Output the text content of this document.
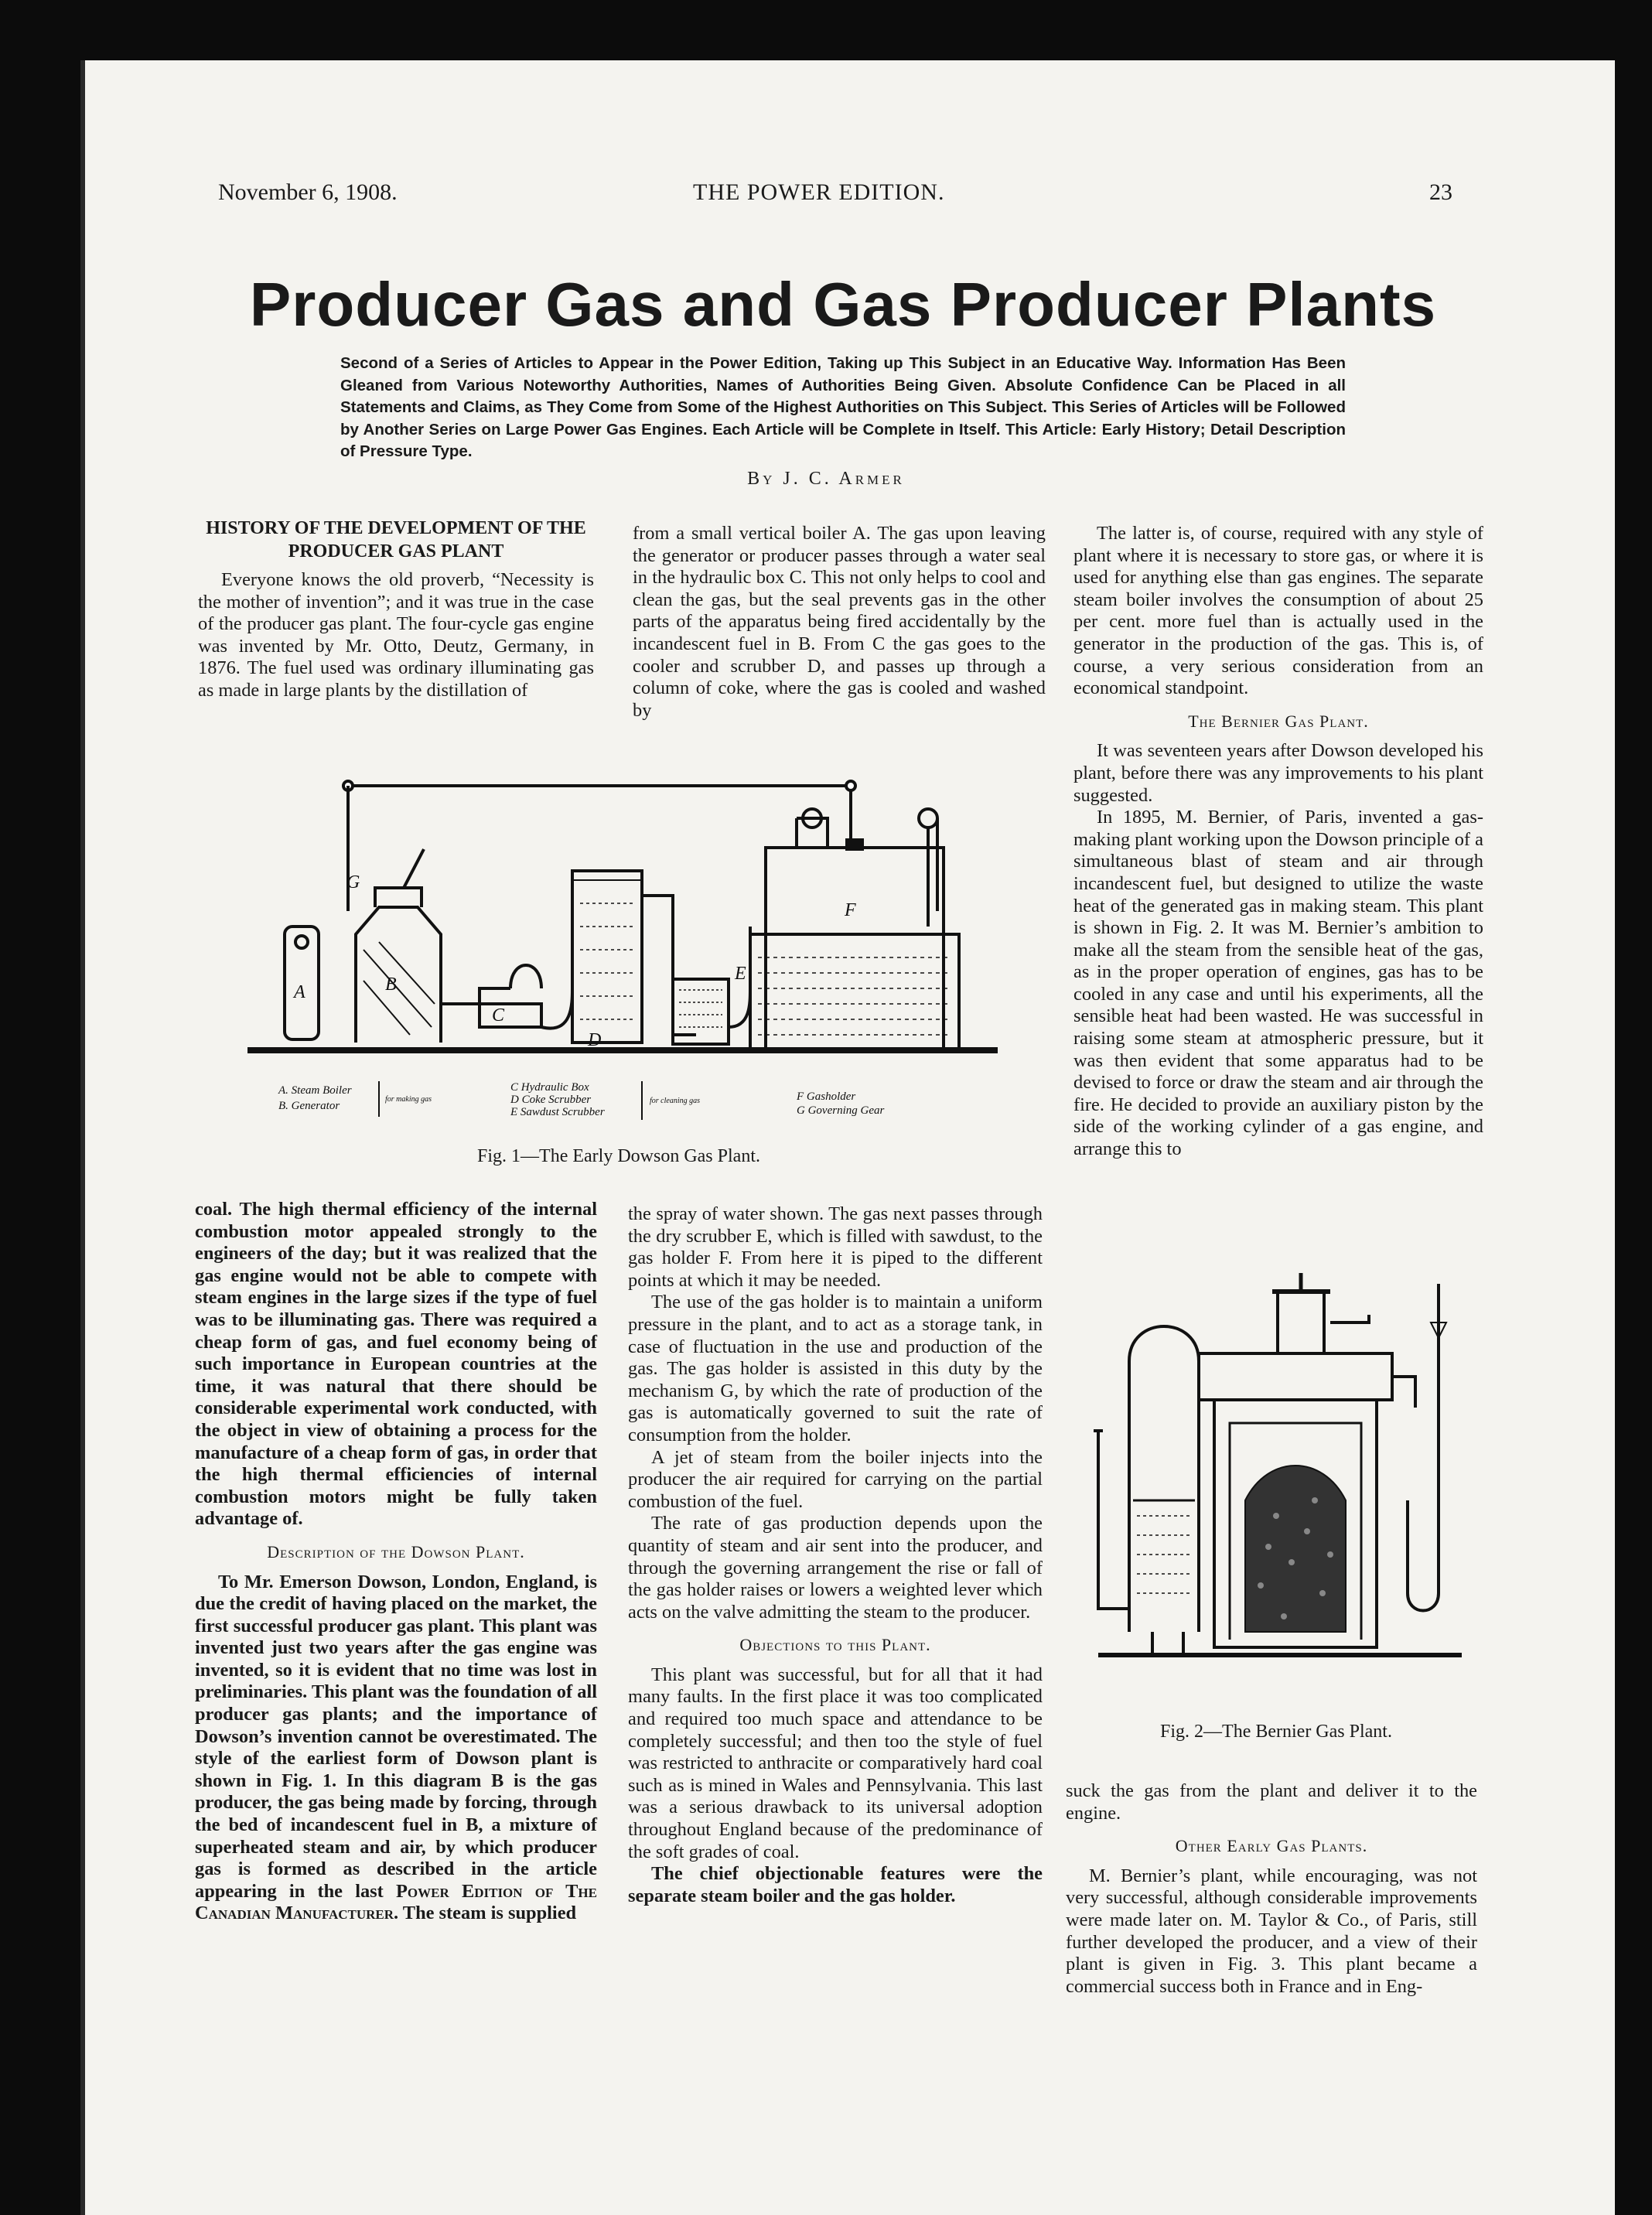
November 6, 1908.	THE POWER EDITION.	23
Producer Gas and Gas Producer Plants
Second of a Series of Articles to Appear in the Power Edition, Taking up This Subject in an Educative Way. Information Has Been Gleaned from Various Noteworthy Authorities, Names of Authorities Being Given. Absolute Confidence Can be Placed in all Statements and Claims, as They Come from Some of the Highest Authorities on This Subject. This Series of Articles will be Followed by Another Series on Large Power Gas Engines. Each Article will be Complete in Itself. This Article: Early History; Detail Description of Pressure Type.
By J. C. Armer
HISTORY OF THE DEVELOPMENT OF THE PRODUCER GAS PLANT

Everyone knows the old proverb, “Necessity is the mother of invention”; and it was true in the case of the producer gas plant. The four-cycle gas engine was invented by Mr. Otto, Deutz, Germany, in 1876. The fuel used was ordinary illuminating gas as made in large plants by the distillation of

from a small vertical boiler A. The gas upon leaving the generator or producer passes through a water seal in the hydraulic box C. This not only helps to cool and clean the gas, but the seal prevents gas in the other parts of the apparatus being fired accidentally by the incandescent fuel in B. From C the gas goes to the cooler and scrubber D, and passes up through a column of coke, where the gas is cooled and washed by

The latter is, of course, required with any style of plant where it is necessary to store gas, or where it is used for anything else than gas engines. The separate steam boiler involves the consumption of about 25 per cent. more fuel than is actually used in the generator in the production of the gas. This is, of course, a very serious consideration from an economical standpoint.

The Bernier Gas Plant.

It was seventeen years after Dowson developed his plant, before there was any improvements to his plant suggested.

In 1895, M. Bernier, of Paris, invented a gas-making plant working upon the Dowson principle of a simultaneous blast of steam and air through incandescent fuel, but designed to utilize the waste heat of the generated gas in making steam. This plant is shown in Fig. 2. It was M. Bernier’s ambition to make all the steam from the sensible heat of the gas, as in the proper operation of engines, gas has to be cooled in any case and until his experiments, all the sensible heat had been wasted. He was successful in raising some steam at atmospheric pressure, but it was then evident that some apparatus had to be devised to force or draw the steam and air through the fire. He decided to provide an auxiliary piston by the side of the working cylinder of a gas engine, and arrange this to

A	B
C
D
E
F
G
A. Steam Boiler
B. Generator
for making gas
C Hydraulic Box
D Coke Scrubber
E Sawdust Scrubber
for cleaning gas	F Gasholder
G Governing Gear
Fig. 1—The Early Dowson Gas Plant.

coal. The high thermal efficiency of the internal combustion motor appealed strongly to the engineers of the day; but it was realized that the gas engine would not be able to compete with steam engines in the large sizes if the type of fuel was to be illuminating gas. There was required a cheap form of gas, and fuel economy being of such importance in European countries at the time, it was natural that there should be considerable experimental work conducted, with the object in view of obtaining a process for the manufacture of a cheap form of gas, in order that the high thermal efficiencies of internal combustion motors might be fully taken advantage of.

Description of the Dowson Plant.

To Mr. Emerson Dowson, London, England, is due the credit of having placed on the market, the first successful producer gas plant. This plant was invented just two years after the gas engine was invented, so it is evident that no time was lost in preliminaries. This plant was the foundation of all producer gas plants; and the importance of Dowson’s invention cannot be overestimated. The style of the earliest form of Dowson plant is shown in Fig. 1. In this diagram B is the gas producer, the gas being made by forcing, through the bed of incandescent fuel in B, a mixture of superheated steam and air, by which producer gas is formed as described in the article appearing in the last Power Edition of The Canadian Manufacturer. The steam is supplied

the spray of water shown. The gas next passes through the dry scrubber E, which is filled with sawdust, to the gas holder F. From here it is piped to the different points at which it may be needed.

The use of the gas holder is to maintain a uniform pressure in the plant, and to act as a storage tank, in case of fluctuation in the use and production of the gas. The gas holder is assisted in this duty by the mechanism G, by which the rate of production of the gas is automatically governed to suit the rate of consumption from the holder.

A jet of steam from the boiler injects into the producer the air required for carrying on the partial combustion of the fuel.

The rate of gas production depends upon the quantity of steam and air sent into the producer, and through the governing arrangement the rise or fall of the gas holder raises or lowers a weighted lever which acts on the valve admitting the steam to the producer.

Objections to this Plant.

This plant was successful, but for all that it had many faults. In the first place it was too complicated and required too much space and attendance to be completely successful; and then too the style of fuel was restricted to anthracite or comparatively hard coal such as is mined in Wales and Pennsylvania. This last was a serious drawback to its universal adoption throughout England because of the predominance of the soft grades of coal.

The chief objectionable features were the separate steam boiler and the gas holder.

Fig. 2—The Bernier Gas Plant.

suck the gas from the plant and deliver it to the engine.

Other Early Gas Plants.

M. Bernier’s plant, while encouraging, was not very successful, although considerable improvements were made later on. M. Taylor & Co., of Paris, still further developed the producer, and a view of their plant is given in Fig. 3. This plant became a commercial success both in France and in Eng-
